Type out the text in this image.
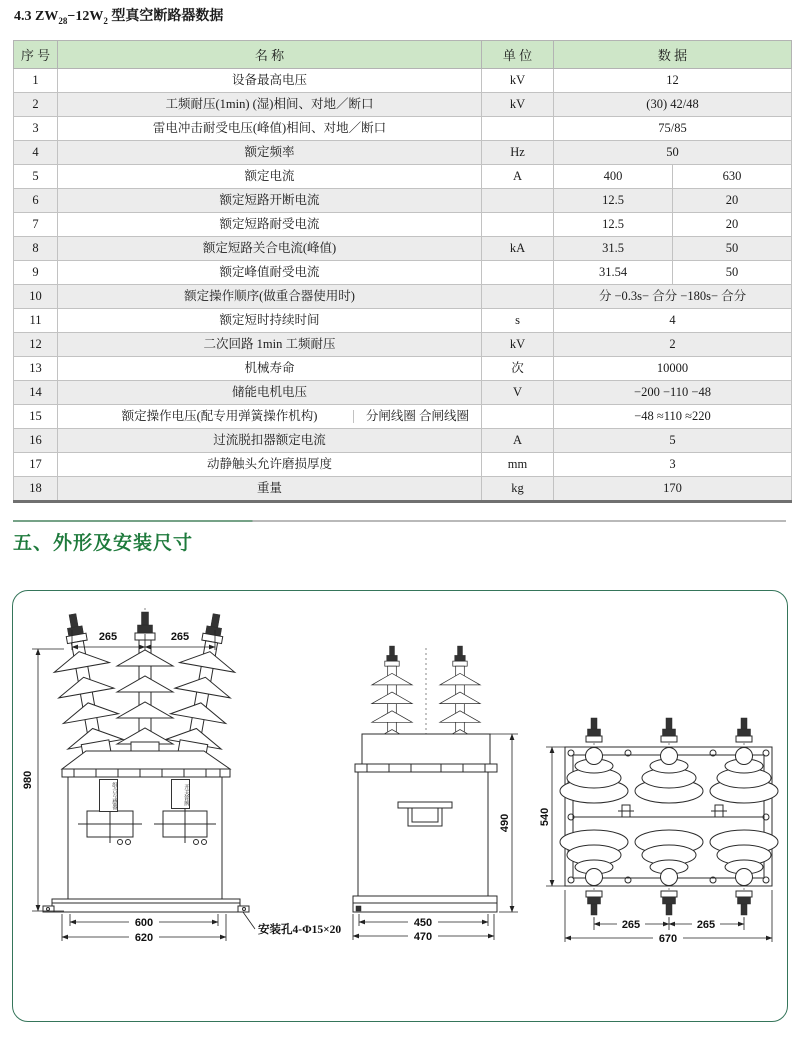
4.3 $ZW_{28}-12W_2$ 型真空断路器数据
序 号	名 称	单 位	数 据	
1	设备最高电压	kV	12	
2	工频耐压(1min) (湿)相间、对地／断口	kV	(30) 42/48	
3	雷电冲击耐受电压(峰值)相间、对地／断口		75/85	
4	额定频率	Hz	50	
5	额定电流	A	400	630
6	额定短路开断电流		12.5	20
7	额定短路耐受电流		12.5	20
8	额定短路关合电流(峰值)	kA	31.5	50
9	额定峰值耐受电流		31.54	50
10	额定操作顺序(做重合器使用时)		分 −0.3s− 合分 −180s− 合分	
11	额定短时持续时间	s	4	
12	二次回路 1min 工频耐压	kV	2	
13	机械寿命	次	10000	
14	储能电机电压	V	−200 −110 −48	
15	额定操作电压(配专用弹簧操作机构) 分闸线圈 合闸线圈		−48 ≈110 ≈220	
16	过流脱扣器额定电流	A	5	
17	动静触头允许磨损厚度	mm	3	
18	重量	kg	170	
五、外形及安装尺寸
265	265
980
600
620
安装孔4-Φ15×20
490
450
470
540
265	265
670
组合互感器	开关铭牌
